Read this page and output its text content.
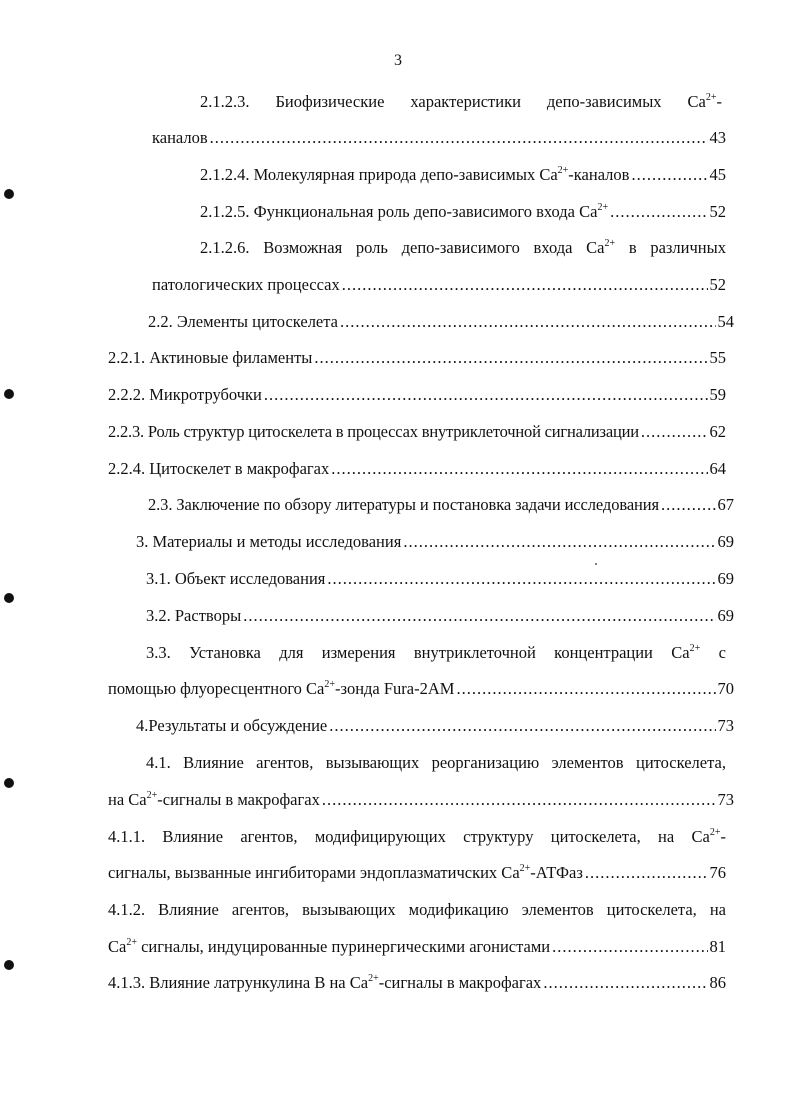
3
2.1.2.3. Биофизические характеристики депо-зависимых $Ca^{2+}-$
каналов .....	43
2.1.2.4. Молекулярная природа депо-зависимых $Ca^{2+}$-каналов .....	45
2.1.2.5. Функциональная роль депо-зависимого входа $Ca^{2+}$ .....	52
2.1.2.6. Возможная роль депо-зависимого входа $Ca^{2+}$ в различных
патологических процессах .....	52
2.2. Элементы цитоскелета .....	54
2.2.1. Актиновые филаменты .....	55
2.2.2. Микротрубочки .....	59
2.2.3. Роль структур цитоскелета в процессах внутриклеточной сигнализации .....	62
2.2.4. Цитоскелет в макрофагах .....	64
2.3. Заключение по обзору литературы и постановка задачи исследования .....	67
3. Материалы и методы исследования .....	69
3.1. Объект исследования .....	69
3.2. Растворы .....	69
3.3. Установка для измерения внутриклеточной концентрации $Ca^{2+}$ с
помощью флуоресцентного $Ca^{2+}$-зонда Fura-2AM .....	70
4.Результаты и обсуждение .....	73
4.1. Влияние агентов, вызывающих реорганизацию элементов цитоскелета,
на $Ca^{2+}$-сигналы в макрофагах .....	73
4.1.1. Влияние агентов, модифицирующих структуру цитоскелета, на $Ca^{2+}-$
сигналы, вызванные ингибиторами эндоплазматичских $Ca^{2+}$-АТФаз .....	76
4.1.2. Влияние агентов, вызывающих модификацию элементов цитоскелета, на
$Ca^{2+}$ сигналы, индуцированные пуринергическими агонистами .....	81
4.1.3. Влияние латрункулина В на $Ca^{2+}$-сигналы в макрофагах .....	86
